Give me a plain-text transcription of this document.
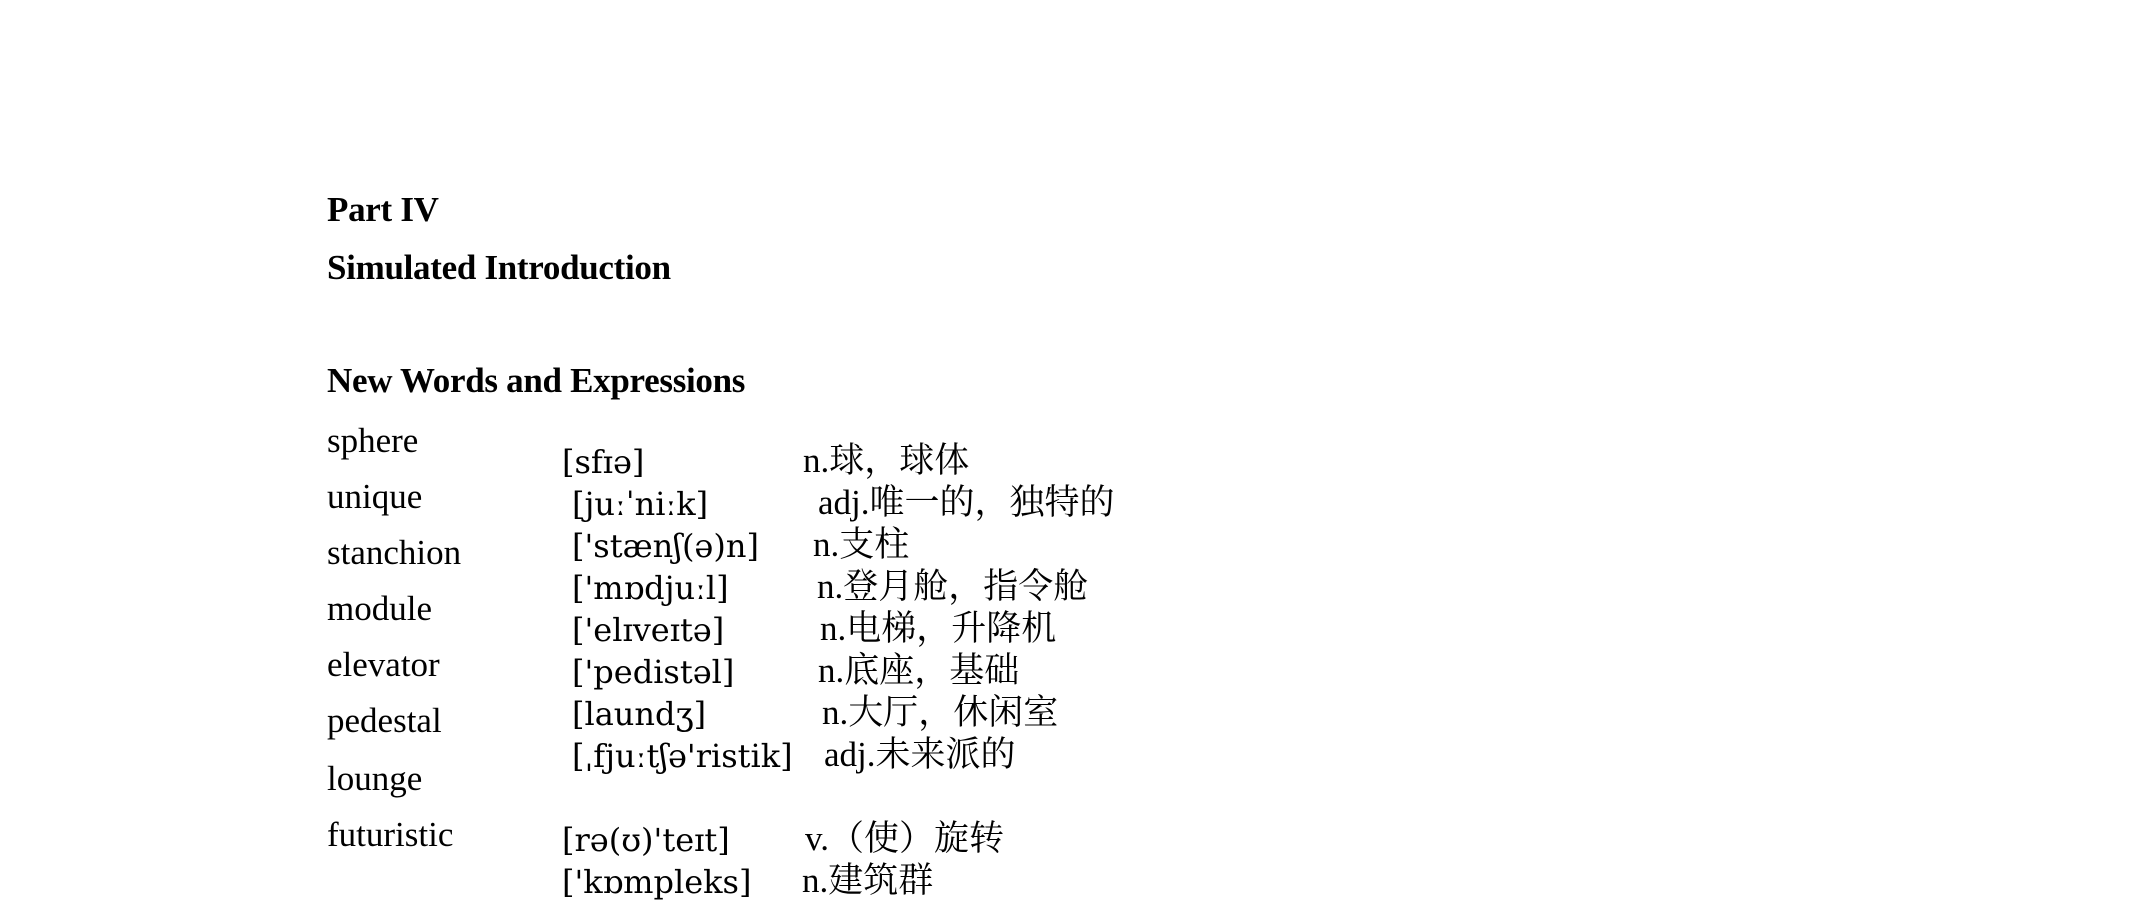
Part IV
Simulated Introduction
New Words and Expressions
sphere
unique
stanchion
module
elevator
pedestal
lounge
futuristic
[sfɪə]
[juːˈniːk]
['stænʃ(ə)n]
['mɒdjuːl]
['elɪveɪtə]
['pedistəl]
[laundʒ]
[ˌfjuːtʃə'ristik]
[rə(ʊ)'teɪt]
['kɒmpleks]
n.球，球体
adj.唯一的，独特的
n.支柱
n.登月舱，指令舱
n.电梯，升降机
n.底座，基础
n.大厅，休闲室
adj.未来派的
v.（使）旋转
n.建筑群
